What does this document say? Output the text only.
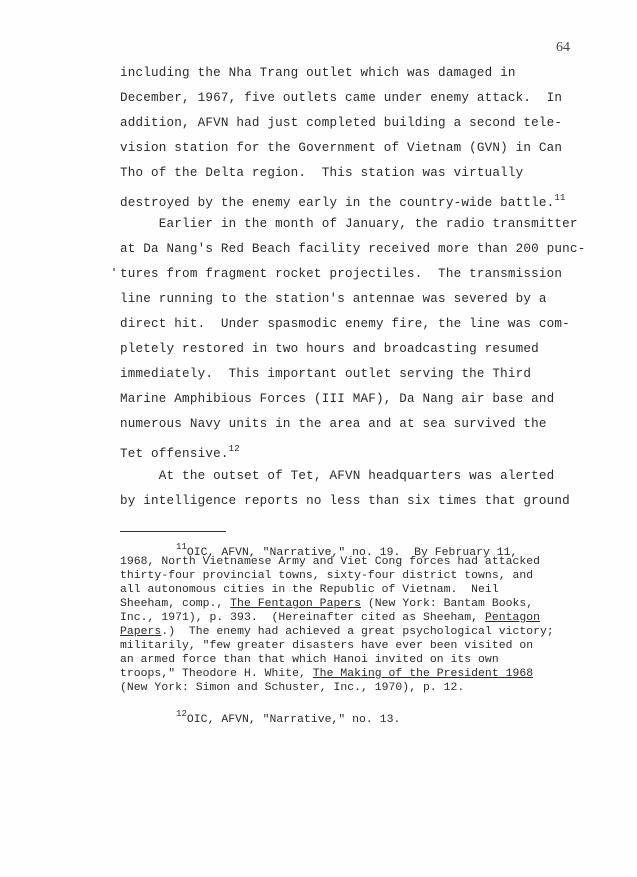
64
including the Nha Trang outlet which was damaged in
December, 1967, five outlets came under enemy attack.  In
addition, AFVN had just completed building a second tele-
vision station for the Government of Vietnam (GVN) in Can
Tho of the Delta region.  This station was virtually
destroyed by the enemy early in the country-wide battle.$^{11}$
Earlier in the month of January, the radio transmitter
at Da Nang's Red Beach facility received more than 200 punc-
tures from fragment rocket projectiles.  The transmission
line running to the station's antennae was severed by a
direct hit.  Under spasmodic enemy fire, the line was com-
pletely restored in two hours and broadcasting resumed
immediately.  This important outlet serving the Third
Marine Amphibious Forces (III MAF), Da Nang air base and
numerous Navy units in the area and at sea survived the
Tet offensive.$^{12}$
At the outset of Tet, AFVN headquarters was alerted
by intelligence reports no less than six times that ground
$^{11}$OIC, AFVN, "Narrative," no. 19.  By February 11,
1968, North Vietnamese Army and Viet Cong forces had attacked
thirty-four provincial towns, sixty-four district towns, and
all autonomous cities in the Republic of Vietnam.  Neil
Sheeham, comp., The Fentagon Papers (New York: Bantam Books,
Inc., 1971), p. 393.  (Hereinafter cited as Sheeham, Pentagon
Papers.)  The enemy had achieved a great psychological victory;
militarily, "few greater disasters have ever been visited on
an armed force than that which Hanoi invited on its own
troops," Theodore H. White, The Making of the President 1968
(New York: Simon and Schuster, Inc., 1970), p. 12.
$^{12}$OIC, AFVN, "Narrative," no. 13.
